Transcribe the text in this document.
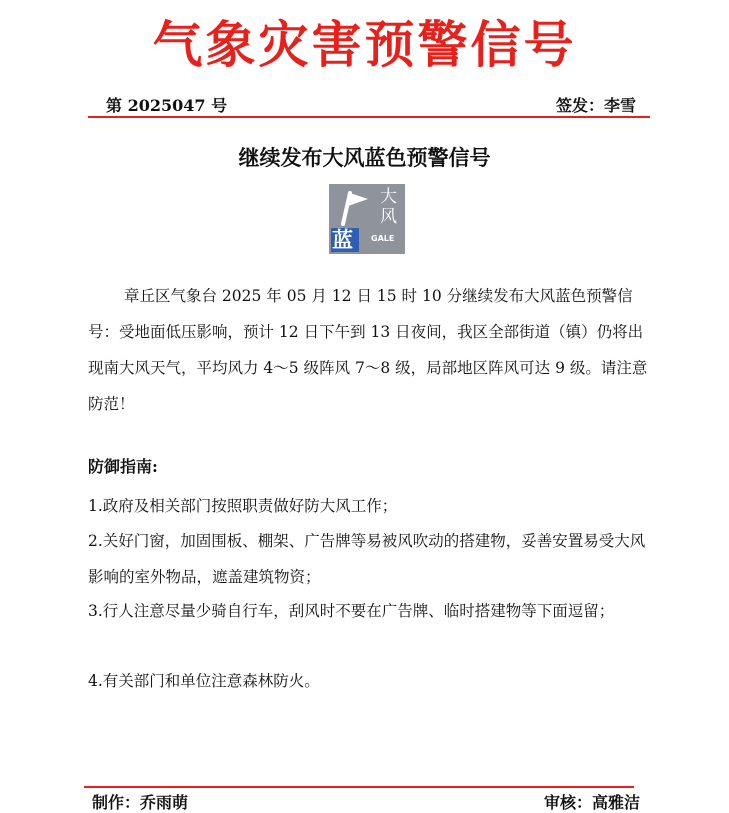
气象灾害预警信号
第 2025047 号	签发：李雪
继续发布大风蓝色预警信号
大
风
蓝 GALE
章丘区气象台 2025 年 05 月 12 日 15 时 10 分继续发布大风蓝色预警信号：受地面低压影响，预计 12 日下午到 13 日夜间，我区全部街道（镇）仍将出现南大风天气，平均风力 4～5 级阵风 7～8 级，局部地区阵风可达 9 级。请注意防范！
防御指南:
1.政府及相关部门按照职责做好防大风工作；
2.关好门窗，加固围板、棚架、广告牌等易被风吹动的搭建物，妥善安置易受大风影响的室外物品，遮盖建筑物资；
3.行人注意尽量少骑自行车，刮风时不要在广告牌、临时搭建物等下面逗留；
4.有关部门和单位注意森林防火。
制作：乔雨萌	审核：高雅洁
